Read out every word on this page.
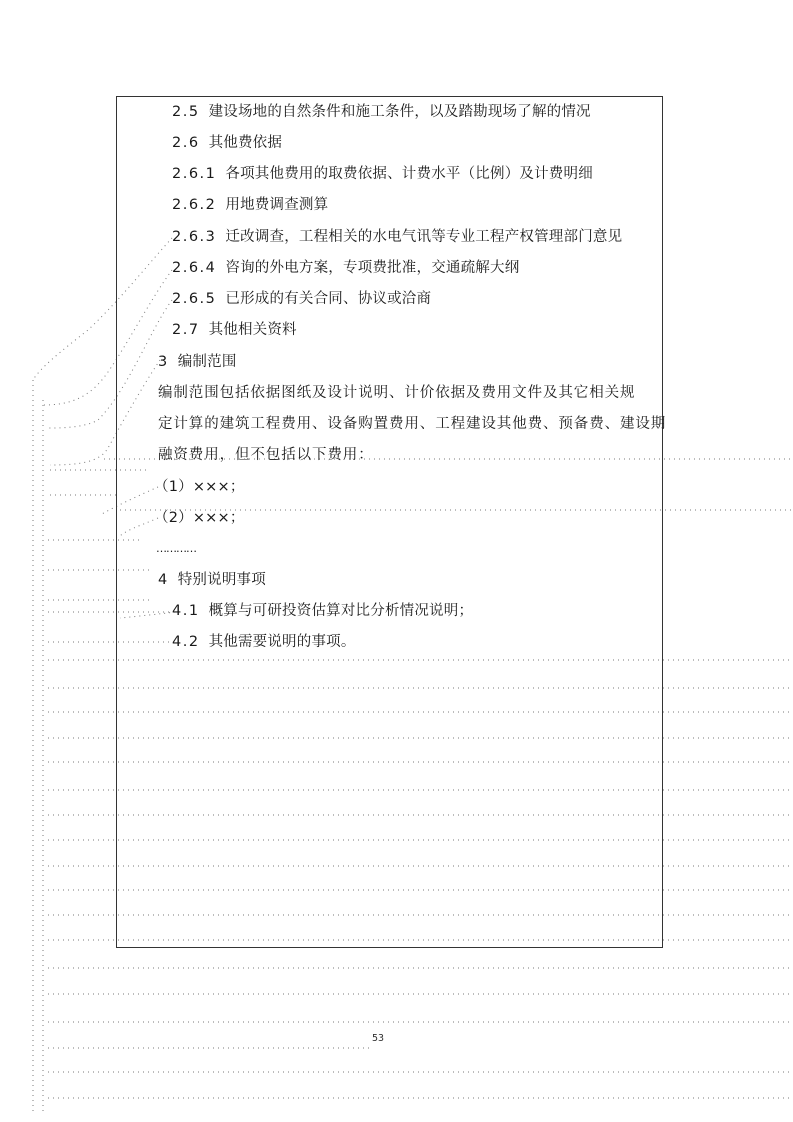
2.5 建设场地的自然条件和施工条件，以及踏勘现场了解的情况
2.6 其他费依据
2.6.1 各项其他费用的取费依据、计费水平（比例）及计费明细
2.6.2 用地费调查测算
2.6.3 迁改调查，工程相关的水电气讯等专业工程产权管理部门意见
2.6.4 咨询的外电方案，专项费批准，交通疏解大纲
2.6.5 已形成的有关合同、协议或洽商
2.7 其他相关资料
3 编制范围
编制范围包括依据图纸及设计说明、计价依据及费用文件及其它相关规
定计算的建筑工程费用、设备购置费用、工程建设其他费、预备费、建设期
融资费用，但不包括以下费用：
（1）×××；
（2）×××；
…………
4 特别说明事项
4.1 概算与可研投资估算对比分析情况说明；
4.2 其他需要说明的事项。
53
